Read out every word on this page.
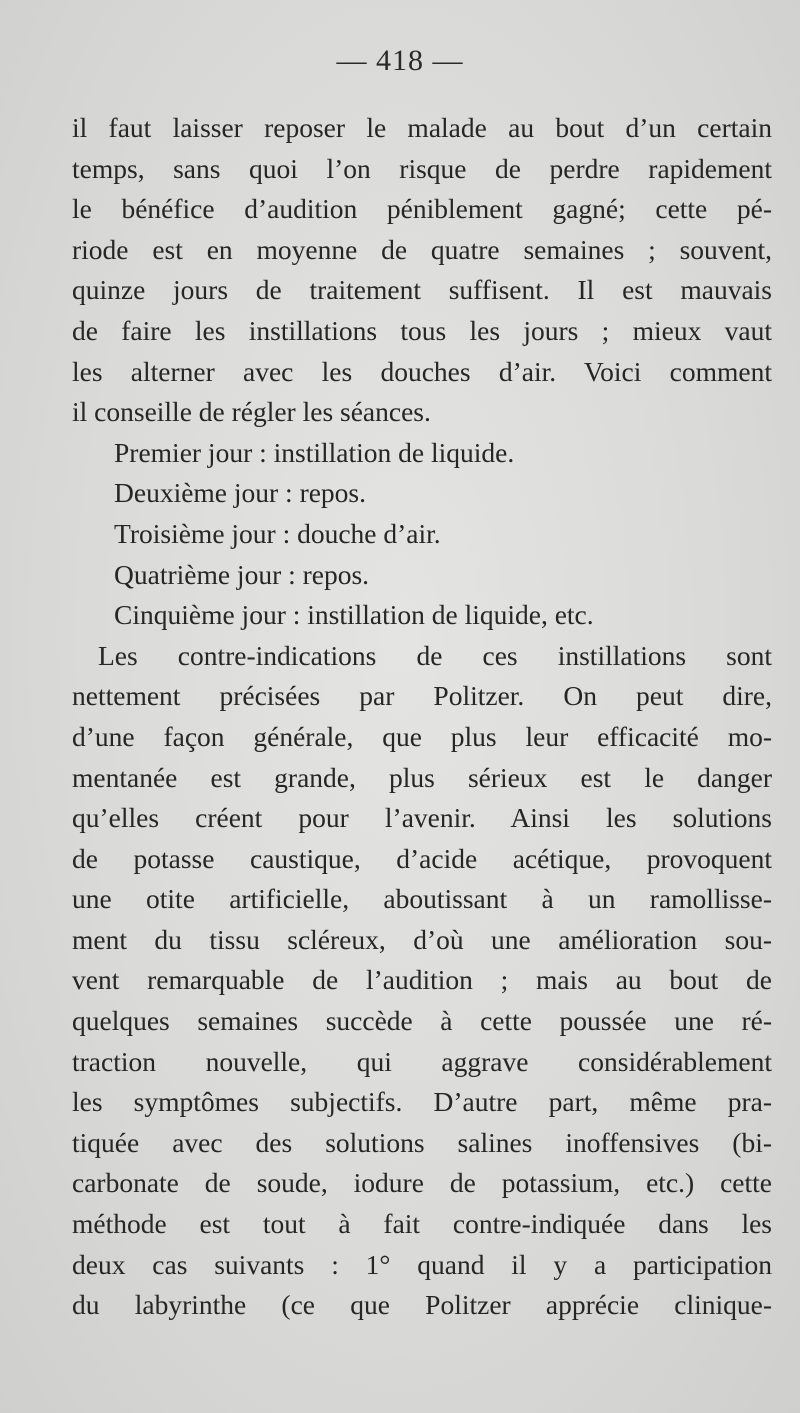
— 418 —
il faut laisser reposer le malade au bout d’un certain
temps, sans quoi l’on risque de perdre rapidement
le bénéfice d’audition péniblement gagné; cette pé-
riode est en moyenne de quatre semaines ; souvent,
quinze jours de traitement suffisent. Il est mauvais
de faire les instillations tous les jours ; mieux vaut
les alterner avec les douches d’air. Voici comment
il conseille de régler les séances.
Premier jour : instillation de liquide.
Deuxième jour : repos.
Troisième jour : douche d’air.
Quatrième jour : repos.
Cinquième jour : instillation de liquide, etc.
Les contre-indications de ces instillations sont
nettement précisées par Politzer. On peut dire,
d’une façon générale, que plus leur efficacité mo-
mentanée est grande, plus sérieux est le danger
qu’elles créent pour l’avenir. Ainsi les solutions
de potasse caustique, d’acide acétique, provoquent
une otite artificielle, aboutissant à un ramollisse-
ment du tissu scléreux, d’où une amélioration sou-
vent remarquable de l’audition ; mais au bout de
quelques semaines succède à cette poussée une ré-
traction nouvelle, qui aggrave considérablement
les symptômes subjectifs. D’autre part, même pra-
tiquée avec des solutions salines inoffensives (bi-
carbonate de soude, iodure de potassium, etc.) cette
méthode est tout à fait contre-indiquée dans les
deux cas suivants : 1° quand il y a participation
du labyrinthe (ce que Politzer apprécie clinique-
